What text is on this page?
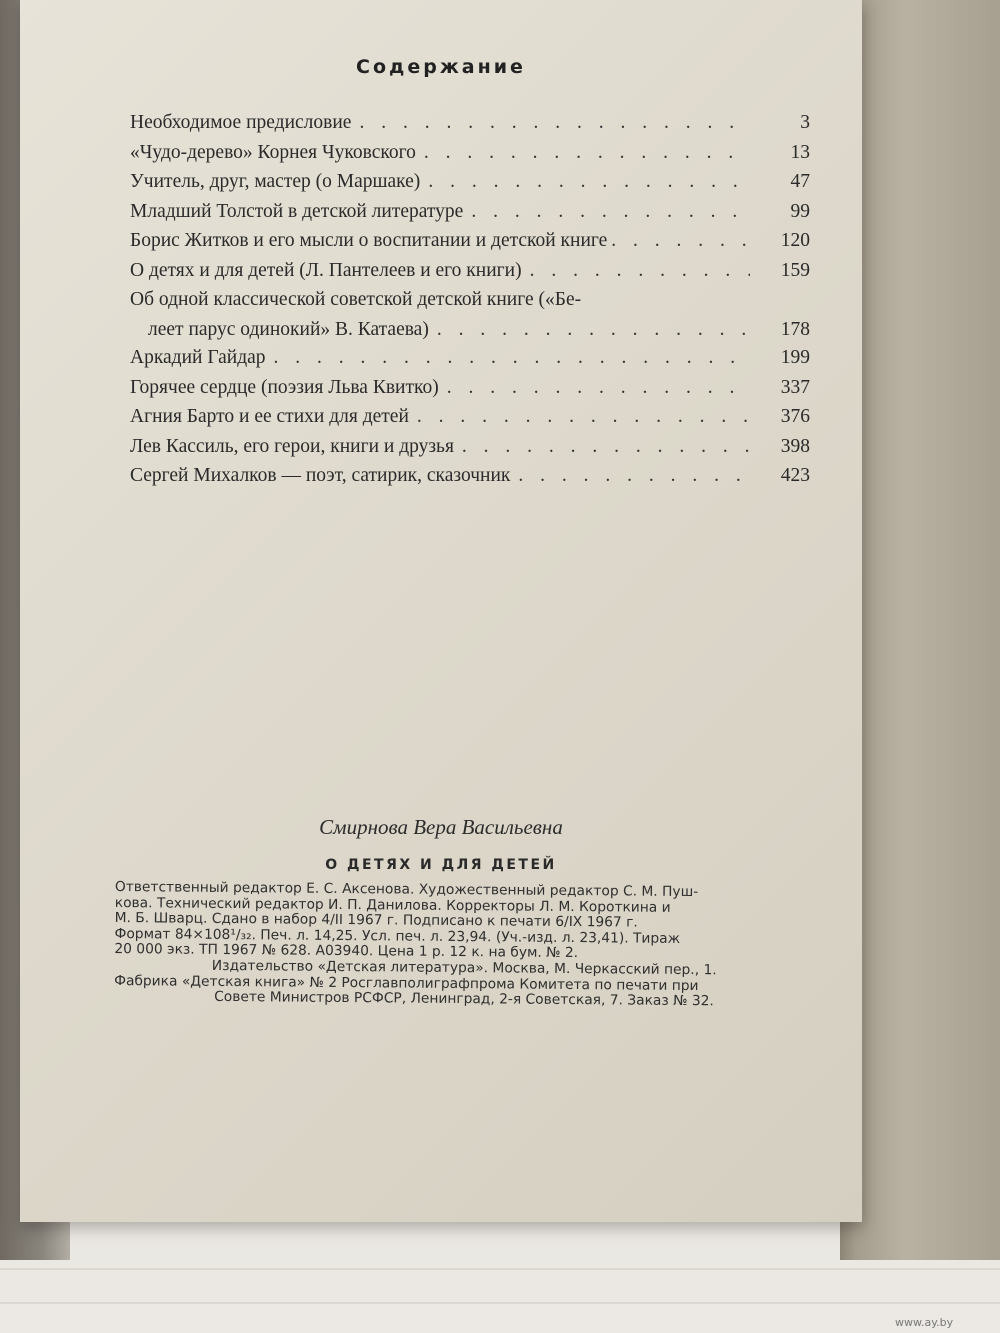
Содержание
Необходимое предисловие . . .	3
«Чудо-дерево» Корнея Чуковского . . .	13
Учитель, друг, мастер (о Маршаке) . . .	47
Младший Толстой в детской литературе . . .	99
Борис Житков и его мысли о воспитании и детской книге . . .	120
О детях и для детей (Л. Пантелеев и его книги) . . .	159
Об одной классической советской детской книге («Бе-
леет парус одинокий» В. Катаева) . . .	178
Аркадий Гайдар . . .	199
Горячее сердце (поэзия Льва Квитко) . . .	337
Агния Барто и ее стихи для детей . . .	376
Лев Кассиль, его герои, книги и друзья . . .	398
Сергей Михалков — поэт, сатирик, сказочник . . .	423
Смирнова Вера Васильевна
О ДЕТЯХ И ДЛЯ ДЕТЕЙ

Ответственный редактор Е. С. Аксенова. Художественный редактор С. М. Пуш-

кова. Технический редактор И. П. Данилова. Корректоры Л. М. Короткина и

М. Б. Шварц. Сдано в набор 4/II 1967 г. Подписано к печати 6/IX 1967 г.

Формат 84×108¹/₃₂. Печ. л. 14,25. Усл. печ. л. 23,94. (Уч.-изд. л. 23,41). Тираж

20 000 экз. ТП 1967 № 628. А03940. Цена 1 р. 12 к. на бум. № 2.

Издательство «Детская литература». Москва, М. Черкасский пер., 1.

Фабрика «Детская книга» № 2 Росглавполиграфпрома Комитета по печати при

Совете Министров РСФСР, Ленинград, 2-я Советская, 7. Заказ № 32.

www.ay.by
